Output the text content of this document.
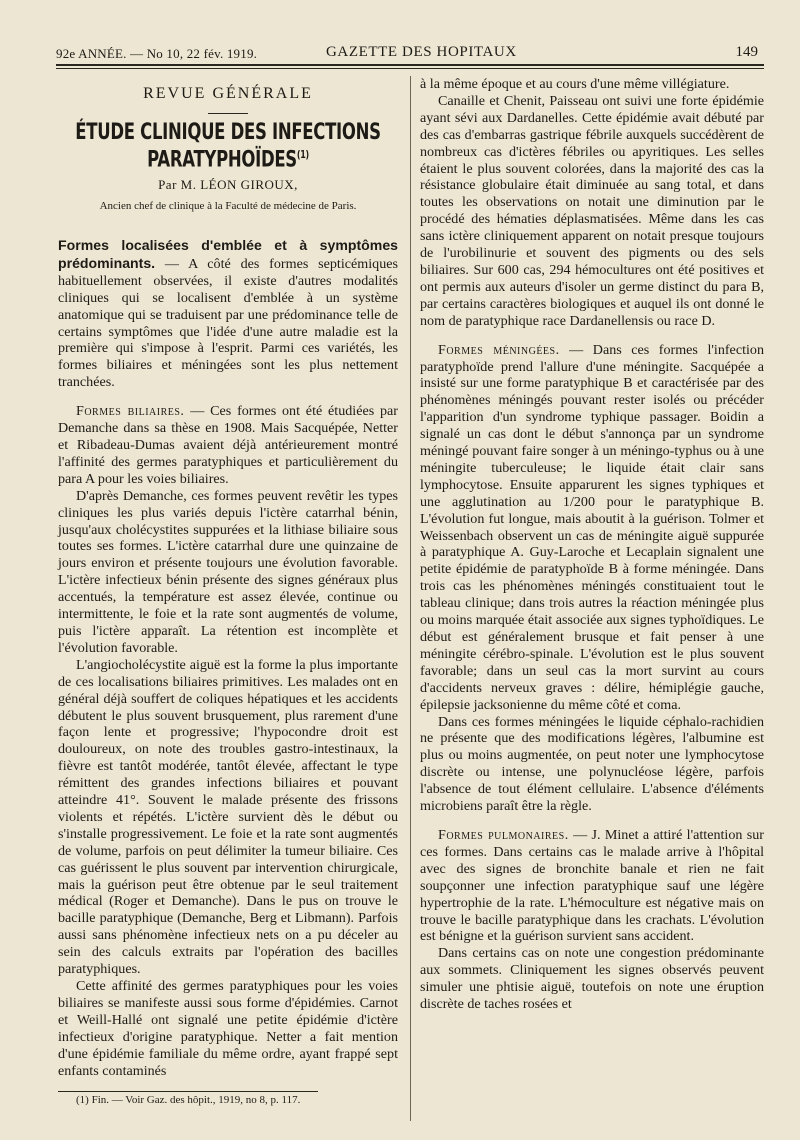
92e ANNÉE. — No 10, 22 fév. 1919.	GAZETTE DES HOPITAUX	149
REVUE GÉNÉRALE
ÉTUDE CLINIQUE DES INFECTIONS PARATYPHOÏDES$^{(1)}$
Par M. LÉON GIROUX,
Ancien chef de clinique à la Faculté de médecine de Paris.

Formes localisées d'emblée et à symptômes prédominants. — A côté des formes septicémiques habituellement observées, il existe d'autres modalités cliniques qui se localisent d'emblée à un système anatomique qui se traduisent par une prédominance telle de certains symptômes que l'idée d'une autre maladie est la première qui s'impose à l'esprit. Parmi ces variétés, les formes biliaires et méningées sont les plus nettement tranchées.

Formes biliaires. — Ces formes ont été étudiées par Demanche dans sa thèse en 1908. Mais Sacquépée, Netter et Ribadeau-Dumas avaient déjà antérieurement montré l'affinité des germes paratyphiques et particulièrement du para A pour les voies biliaires.

D'après Demanche, ces formes peuvent revêtir les types cliniques les plus variés depuis l'ictère catarrhal bénin, jusqu'aux cholécystites suppurées et la lithiase biliaire sous toutes ses formes. L'ictère catarrhal dure une quinzaine de jours environ et présente toujours une évolution favorable. L'ictère infectieux bénin présente des signes généraux plus accentués, la température est assez élevée, continue ou intermittente, le foie et la rate sont augmentés de volume, puis l'ictère apparaît. La rétention est incomplète et l'évolution favorable.

L'angiocholécystite aiguë est la forme la plus importante de ces localisations biliaires primitives. Les malades ont en général déjà souffert de coliques hépatiques et les accidents débutent le plus souvent brusquement, plus rarement d'une façon lente et progressive; l'hypocondre droit est douloureux, on note des troubles gastro-intestinaux, la fièvre est tantôt modérée, tantôt élevée, affectant le type rémittent des grandes infections biliaires et pouvant atteindre 41°. Souvent le malade présente des frissons violents et répétés. L'ictère survient dès le début ou s'installe progressivement. Le foie et la rate sont augmentés de volume, parfois on peut délimiter la tumeur biliaire. Ces cas guérissent le plus souvent par intervention chirurgicale, mais la guérison peut être obtenue par le seul traitement médical (Roger et Demanche). Dans le pus on trouve le bacille paratyphique (Demanche, Berg et Libmann). Parfois aussi sans phénomène infectieux nets on a pu déceler au sein des calculs extraits par l'opération des bacilles paratyphiques.

Cette affinité des germes paratyphiques pour les voies biliaires se manifeste aussi sous forme d'épidémies. Carnot et Weill-Hallé ont signalé une petite épidémie d'ictère infectieux d'origine paratyphique. Netter a fait mention d'une épidémie familiale du même ordre, ayant frappé sept enfants contaminés

(1) Fin. — Voir Gaz. des hôpit., 1919, no 8, p. 117.

à la même époque et au cours d'une même villégiature.

Canaille et Chenit, Paisseau ont suivi une forte épidémie ayant sévi aux Dardanelles. Cette épidémie avait débuté par des cas d'embarras gastrique fébrile auxquels succédèrent de nombreux cas d'ictères fébriles ou apyritiques. Les selles étaient le plus souvent colorées, dans la majorité des cas la résistance globulaire était diminuée au sang total, et dans toutes les observations on notait une diminution par le procédé des hématies déplasmatisées. Même dans les cas sans ictère cliniquement apparent on notait presque toujours de l'urobilinurie et souvent des pigments ou des sels biliaires. Sur 600 cas, 294 hémocultures ont été positives et ont permis aux auteurs d'isoler un germe distinct du para B, par certains caractères biologiques et auquel ils ont donné le nom de paratyphique race Dardanellensis ou race D.

Formes méningées. — Dans ces formes l'infection paratyphoïde prend l'allure d'une méningite. Sacquépée a insisté sur une forme paratyphique B et caractérisée par des phénomènes méningés pouvant rester isolés ou précéder l'apparition d'un syndrome typhique passager. Boidin a signalé un cas dont le début s'annonça par un syndrome méningé pouvant faire songer à un méningo-typhus ou à une méningite tuberculeuse; le liquide était clair sans lymphocytose. Ensuite apparurent les signes typhiques et une agglutination au 1/200 pour le paratyphique B. L'évolution fut longue, mais aboutit à la guérison. Tolmer et Weissenbach observent un cas de méningite aiguë suppurée à paratyphique A. Guy-Laroche et Lecaplain signalent une petite épidémie de paratyphoïde B à forme méningée. Dans trois cas les phénomènes méningés constituaient tout le tableau clinique; dans trois autres la réaction méningée plus ou moins marquée était associée aux signes typhoïdiques. Le début est généralement brusque et fait penser à une méningite cérébro-spinale. L'évolution est le plus souvent favorable; dans un seul cas la mort survint au cours d'accidents nerveux graves : délire, hémiplégie gauche, épilepsie jacksonienne du même côté et coma.

Dans ces formes méningées le liquide céphalo-rachidien ne présente que des modifications légères, l'albumine est plus ou moins augmentée, on peut noter une lymphocytose discrète ou intense, une polynucléose légère, parfois l'absence de tout élément cellulaire. L'absence d'éléments microbiens paraît être la règle.

Formes pulmonaires. — J. Minet a attiré l'attention sur ces formes. Dans certains cas le malade arrive à l'hôpital avec des signes de bronchite banale et rien ne fait soupçonner une infection paratyphique sauf une légère hypertrophie de la rate. L'hémoculture est négative mais on trouve le bacille paratyphique dans les crachats. L'évolution est bénigne et la guérison survient sans accident.

Dans certains cas on note une congestion prédominante aux sommets. Cliniquement les signes observés peuvent simuler une phtisie aiguë, toutefois on note une éruption discrète de taches rosées et
